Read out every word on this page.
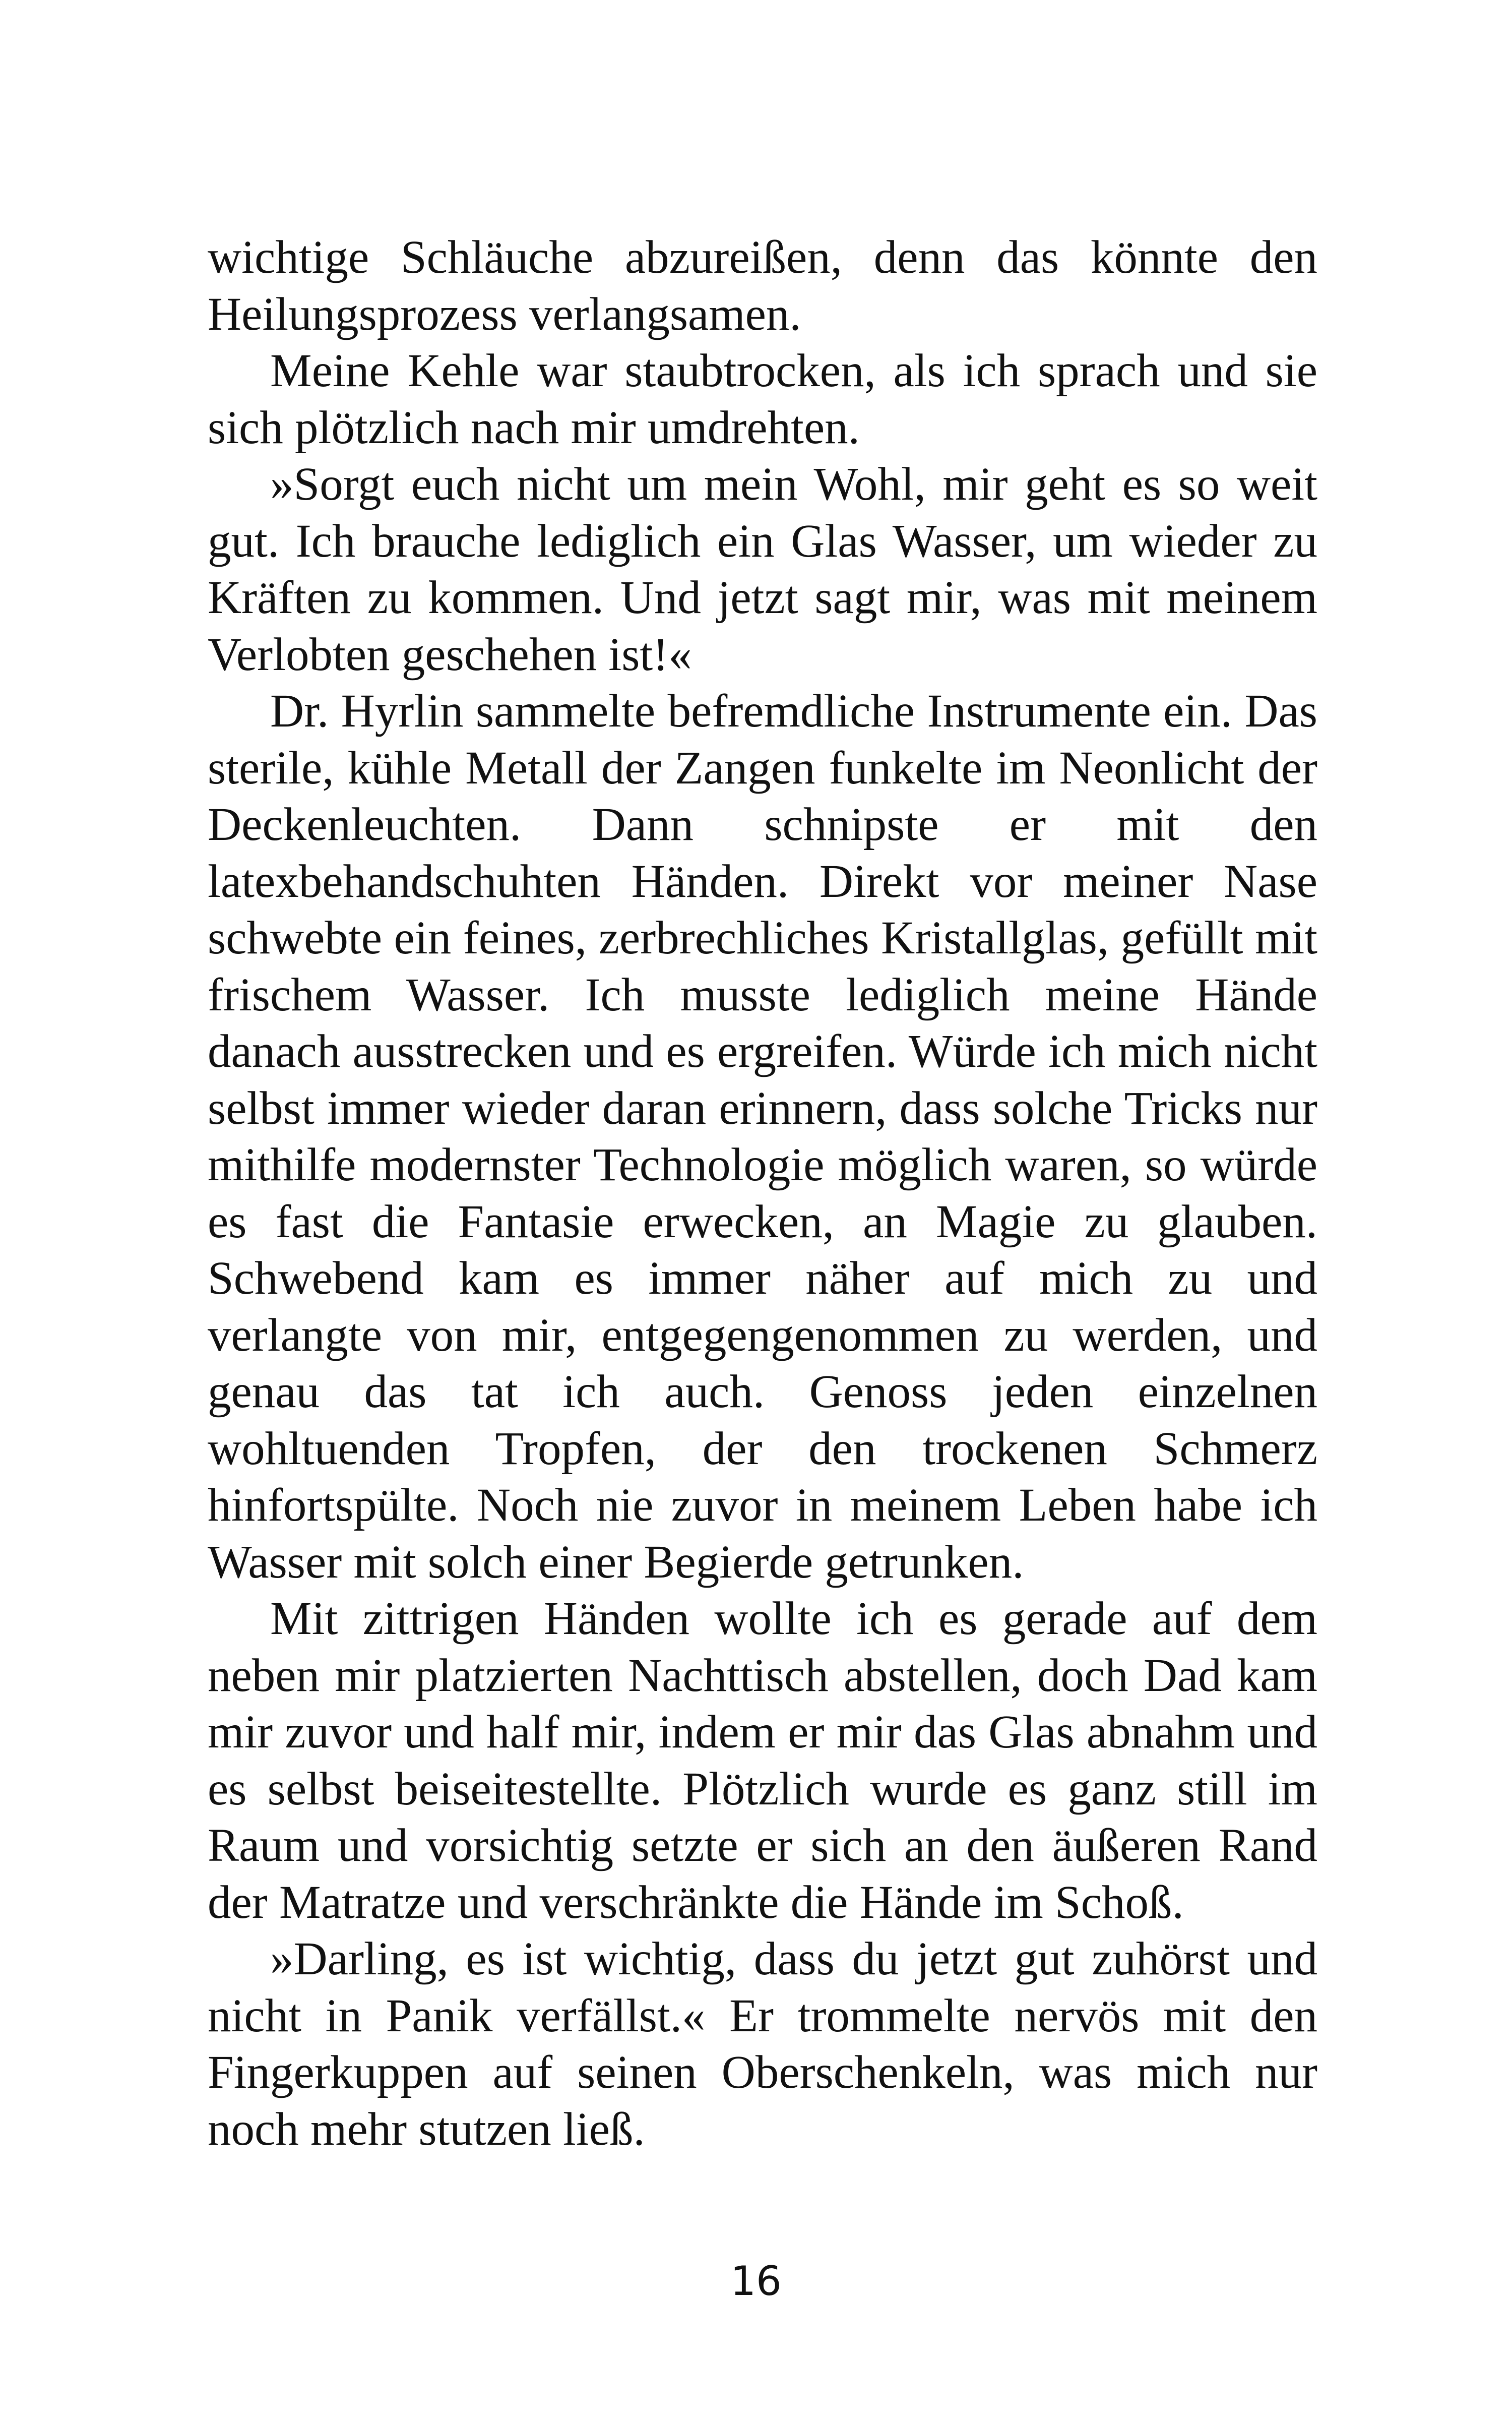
wichtige Schläuche abzureißen, denn das könnte den Heilungsprozess verlangsamen.

Meine Kehle war staubtrocken, als ich sprach und sie sich plötzlich nach mir umdrehten.

»Sorgt euch nicht um mein Wohl, mir geht es so weit gut. Ich brauche lediglich ein Glas Wasser, um wieder zu Kräften zu kommen. Und jetzt sagt mir, was mit meinem Verlobten geschehen ist!«

Dr. Hyrlin sammelte befremdliche Instrumente ein. Das sterile, kühle Metall der Zangen funkelte im Neonlicht der Deckenleuchten. Dann schnipste er mit den latexbehandschuhten Händen. Direkt vor meiner Nase schwebte ein feines, zerbrechliches Kristallglas, gefüllt mit frischem Wasser. Ich musste lediglich meine Hände danach ausstrecken und es ergreifen. Würde ich mich nicht selbst immer wieder daran erinnern, dass solche Tricks nur mithilfe modernster Technologie möglich waren, so würde es fast die Fantasie erwecken, an Magie zu glauben. Schwebend kam es immer näher auf mich zu und verlangte von mir, entgegengenommen zu werden, und genau das tat ich auch. Genoss jeden einzelnen wohltuenden Tropfen, der den trockenen Schmerz hinfortspülte. Noch nie zuvor in meinem Leben habe ich Wasser mit solch einer Begierde getrunken.

Mit zittrigen Händen wollte ich es gerade auf dem neben mir platzierten Nachttisch abstellen, doch Dad kam mir zuvor und half mir, indem er mir das Glas abnahm und es selbst beiseitestellte. Plötzlich wurde es ganz still im Raum und vorsichtig setzte er sich an den äußeren Rand der Matratze und verschränkte die Hände im Schoß.

»Darling, es ist wichtig, dass du jetzt gut zuhörst und nicht in Panik verfällst.« Er trommelte nervös mit den Fingerkuppen auf seinen Oberschenkeln, was mich nur noch mehr stutzen ließ.

16
